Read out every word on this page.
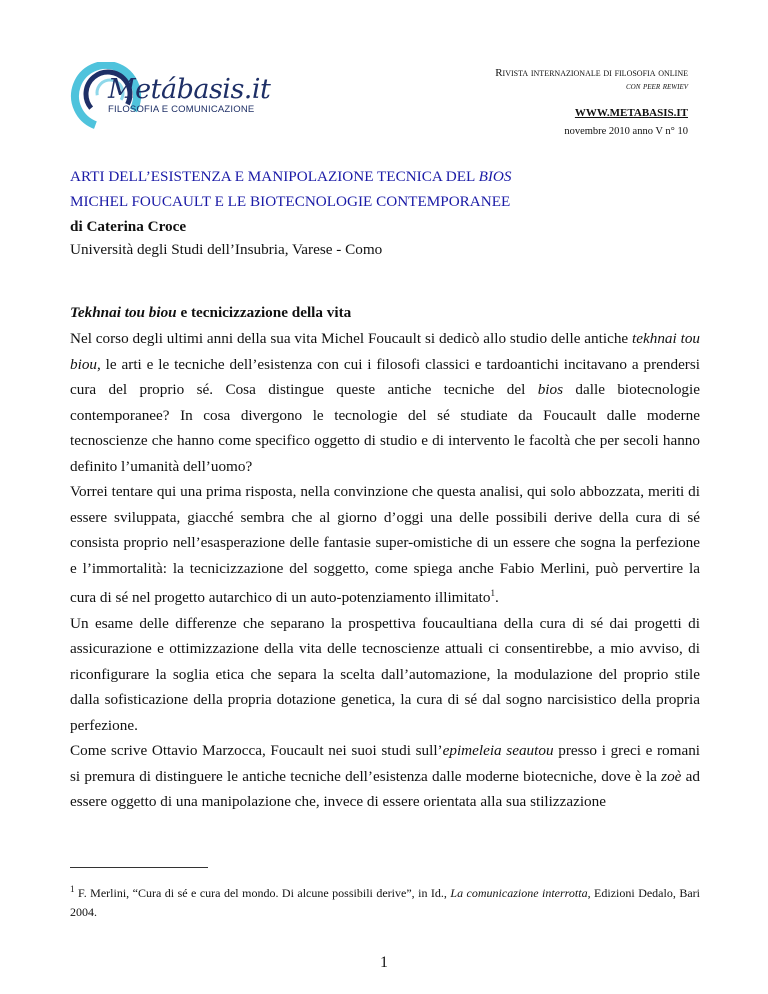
Metábasis.it
FILOSOFIA E COMUNICAZIONE
Rivista internazionale di filosofia online
con peer rewiev
WWW.METABASIS.IT
novembre 2010 anno V n° 10
ARTI DELL’ESISTENZA E MANIPOLAZIONE TECNICA DEL BIOS
MICHEL FOUCAULT E LE BIOTECNOLOGIE CONTEMPORANEE
di Caterina Croce
Università degli Studi dell’Insubria, Varese - Como
Tekhnai tou biou e tecnicizzazione della vita

Nel corso degli ultimi anni della sua vita Michel Foucault si dedicò allo studio delle antiche tekhnai tou biou, le arti e le tecniche dell’esistenza con cui i filosofi classici e tardoantichi incitavano a prendersi cura del proprio sé. Cosa distingue queste antiche tecniche del bios dalle biotecnologie contemporanee? In cosa divergono le tecnologie del sé studiate da Foucault dalle moderne tecnoscienze che hanno come specifico oggetto di studio e di intervento le facoltà che per secoli hanno definito l’umanità dell’uomo?

Vorrei tentare qui una prima risposta, nella convinzione che questa analisi, qui solo abbozzata, meriti di essere sviluppata, giacché sembra che al giorno d’oggi una delle possibili derive della cura di sé consista proprio nell’esasperazione delle fantasie super-omistiche di un essere che sogna la perfezione e l’immortalità: la tecnicizzazione del soggetto, come spiega anche Fabio Merlini, può pervertire la cura di sé nel progetto autarchico di un auto-potenziamento illimitato$^1$.

Un esame delle differenze che separano la prospettiva foucaultiana della cura di sé dai progetti di assicurazione e ottimizzazione della vita delle tecnoscienze attuali ci consentirebbe, a mio avviso, di riconfigurare la soglia etica che separa la scelta dall’automazione, la modulazione del proprio stile dalla sofisticazione della propria dotazione genetica, la cura di sé dal sogno narcisistico della propria perfezione.

Come scrive Ottavio Marzocca, Foucault nei suoi studi sull’epimeleia seautou presso i greci e romani si premura di distinguere le antiche tecniche dell’esistenza dalle moderne biotecniche, dove è la zoè ad essere oggetto di una manipolazione che, invece di essere orientata alla sua stilizzazione

$^1$ F. Merlini, “Cura di sé e cura del mondo. Di alcune possibili derive”, in Id., La comunicazione interrotta, Edizioni Dedalo, Bari 2004.
1
